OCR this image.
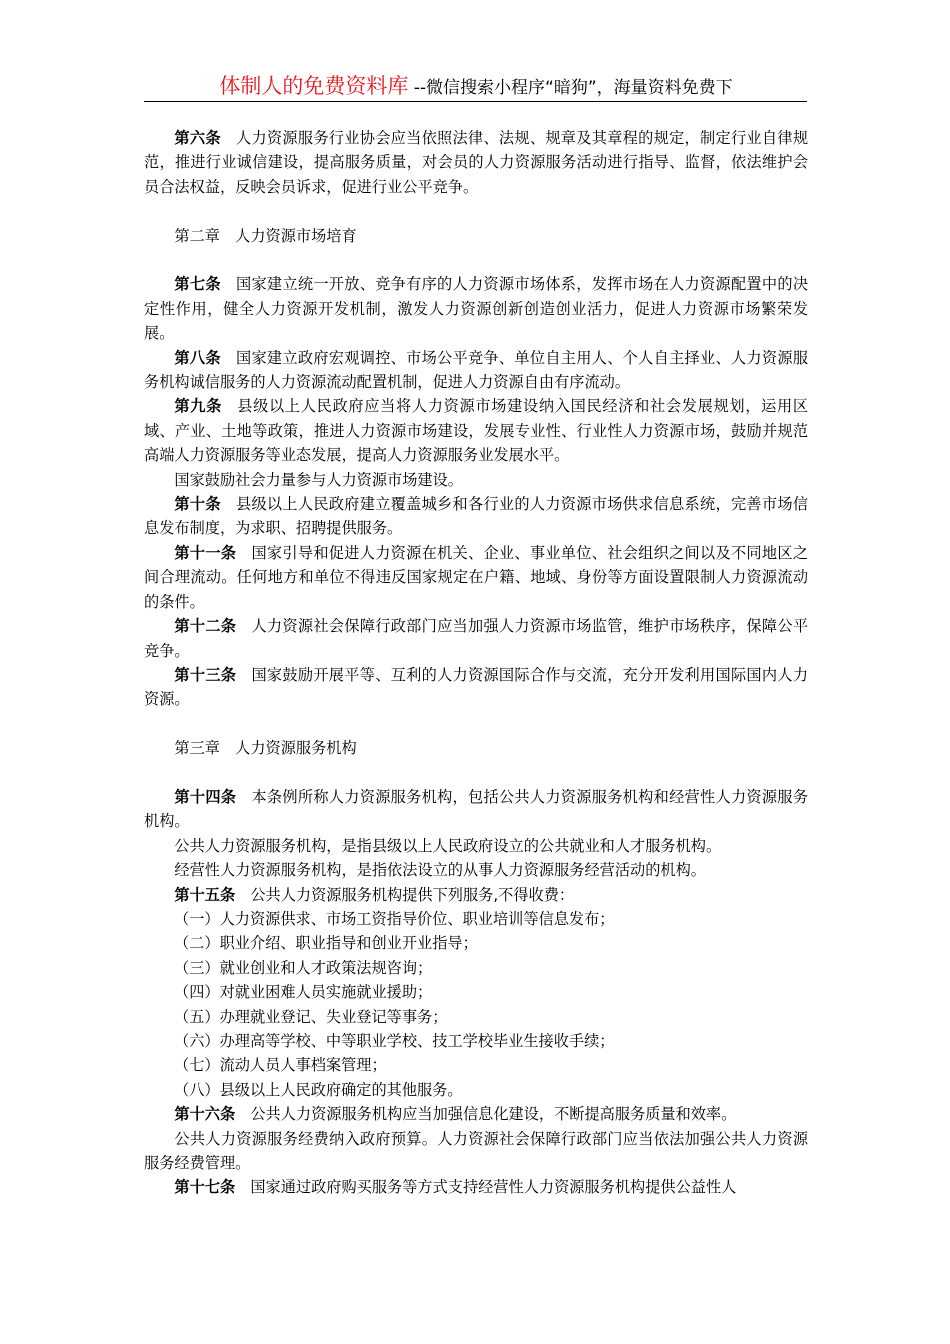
体制人的免费资料库 --微信搜索小程序“暗狗”，海量资料免费下

第六条 人力资源服务行业协会应当依照法律、法规、规章及其章程的规定，制定行业自律规范，推进行业诚信建设，提高服务质量，对会员的人力资源服务活动进行指导、监督，依法维护会员合法权益，反映会员诉求，促进行业公平竞争。

第二章　人力资源市场培育

第七条 国家建立统一开放、竞争有序的人力资源市场体系，发挥市场在人力资源配置中的决定性作用，健全人力资源开发机制，激发人力资源创新创造创业活力，促进人力资源市场繁荣发展。

第八条 国家建立政府宏观调控、市场公平竞争、单位自主用人、个人自主择业、人力资源服务机构诚信服务的人力资源流动配置机制，促进人力资源自由有序流动。

第九条 县级以上人民政府应当将人力资源市场建设纳入国民经济和社会发展规划，运用区域、产业、土地等政策，推进人力资源市场建设，发展专业性、行业性人力资源市场，鼓励并规范高端人力资源服务等业态发展，提高人力资源服务业发展水平。

国家鼓励社会力量参与人力资源市场建设。

第十条 县级以上人民政府建立覆盖城乡和各行业的人力资源市场供求信息系统，完善市场信息发布制度，为求职、招聘提供服务。

第十一条 国家引导和促进人力资源在机关、企业、事业单位、社会组织之间以及不同地区之间合理流动。任何地方和单位不得违反国家规定在户籍、地域、身份等方面设置限制人力资源流动的条件。

第十二条 人力资源社会保障行政部门应当加强人力资源市场监管，维护市场秩序，保障公平竞争。

第十三条 国家鼓励开展平等、互利的人力资源国际合作与交流，充分开发利用国际国内人力资源。

第三章　人力资源服务机构

第十四条 本条例所称人力资源服务机构，包括公共人力资源服务机构和经营性人力资源服务机构。

公共人力资源服务机构，是指县级以上人民政府设立的公共就业和人才服务机构。

经营性人力资源服务机构，是指依法设立的从事人力资源服务经营活动的机构。

第十五条 公共人力资源服务机构提供下列服务,不得收费：

（一）人力资源供求、市场工资指导价位、职业培训等信息发布；

（二）职业介绍、职业指导和创业开业指导；

（三）就业创业和人才政策法规咨询；

（四）对就业困难人员实施就业援助；

（五）办理就业登记、失业登记等事务；

（六）办理高等学校、中等职业学校、技工学校毕业生接收手续；

（七）流动人员人事档案管理；

（八）县级以上人民政府确定的其他服务。

第十六条 公共人力资源服务机构应当加强信息化建设，不断提高服务质量和效率。

公共人力资源服务经费纳入政府预算。人力资源社会保障行政部门应当依法加强公共人力资源服务经费管理。

第十七条 国家通过政府购买服务等方式支持经营性人力资源服务机构提供公益性人
